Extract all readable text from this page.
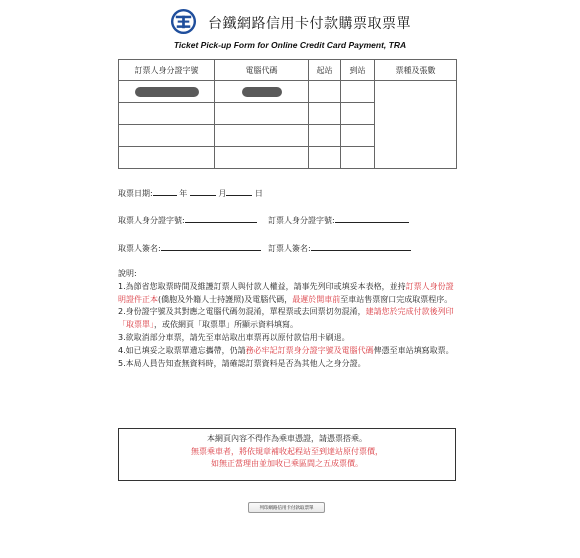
台鐵網路信用卡付款購票取票單
Ticket Pick-up Form for Online Credit Card Payment, TRA
訂票人身分證字號	電腦代碼	起站	到站	票種及張數

取票日期:	年	月	日
取票人身分證字號:	訂票人身分證字號:
取票人簽名:	訂票人簽名:
說明:
1.為節省您取票時間及維護訂票人與付款人權益，請事先列印或填妥本表格，並持訂票人身份證明證件正本(僑胞及外籍人士持護照)及電腦代碼，最遲於開車前至車站售票窗口完成取票程序。
2.身份證字號及其對應之電腦代碼勿混淆，單程票或去回票切勿混淆，建請您於完成付款後列印「取票單」，或依網頁「取票單」所顯示資料填寫。
3.欲取消部分車票，請先至車站取出車票再以原付款信用卡刷退。
4.如已填妥之取票單遺忘攜帶，仍請務必牢記訂票身分證字號及電腦代碼俾憑至車站填寫取票。
5.本局人員告知查無資料時，請確認訂票資料是否為其他人之身分證。
本網頁內容不得作為乘車憑證，請憑票搭乘。
無票乘車者，將依規章補收起程站至到達站原付票價，
如無正當理由並加收已乘區間之五成票價。
列印網路信用卡付款取票單
